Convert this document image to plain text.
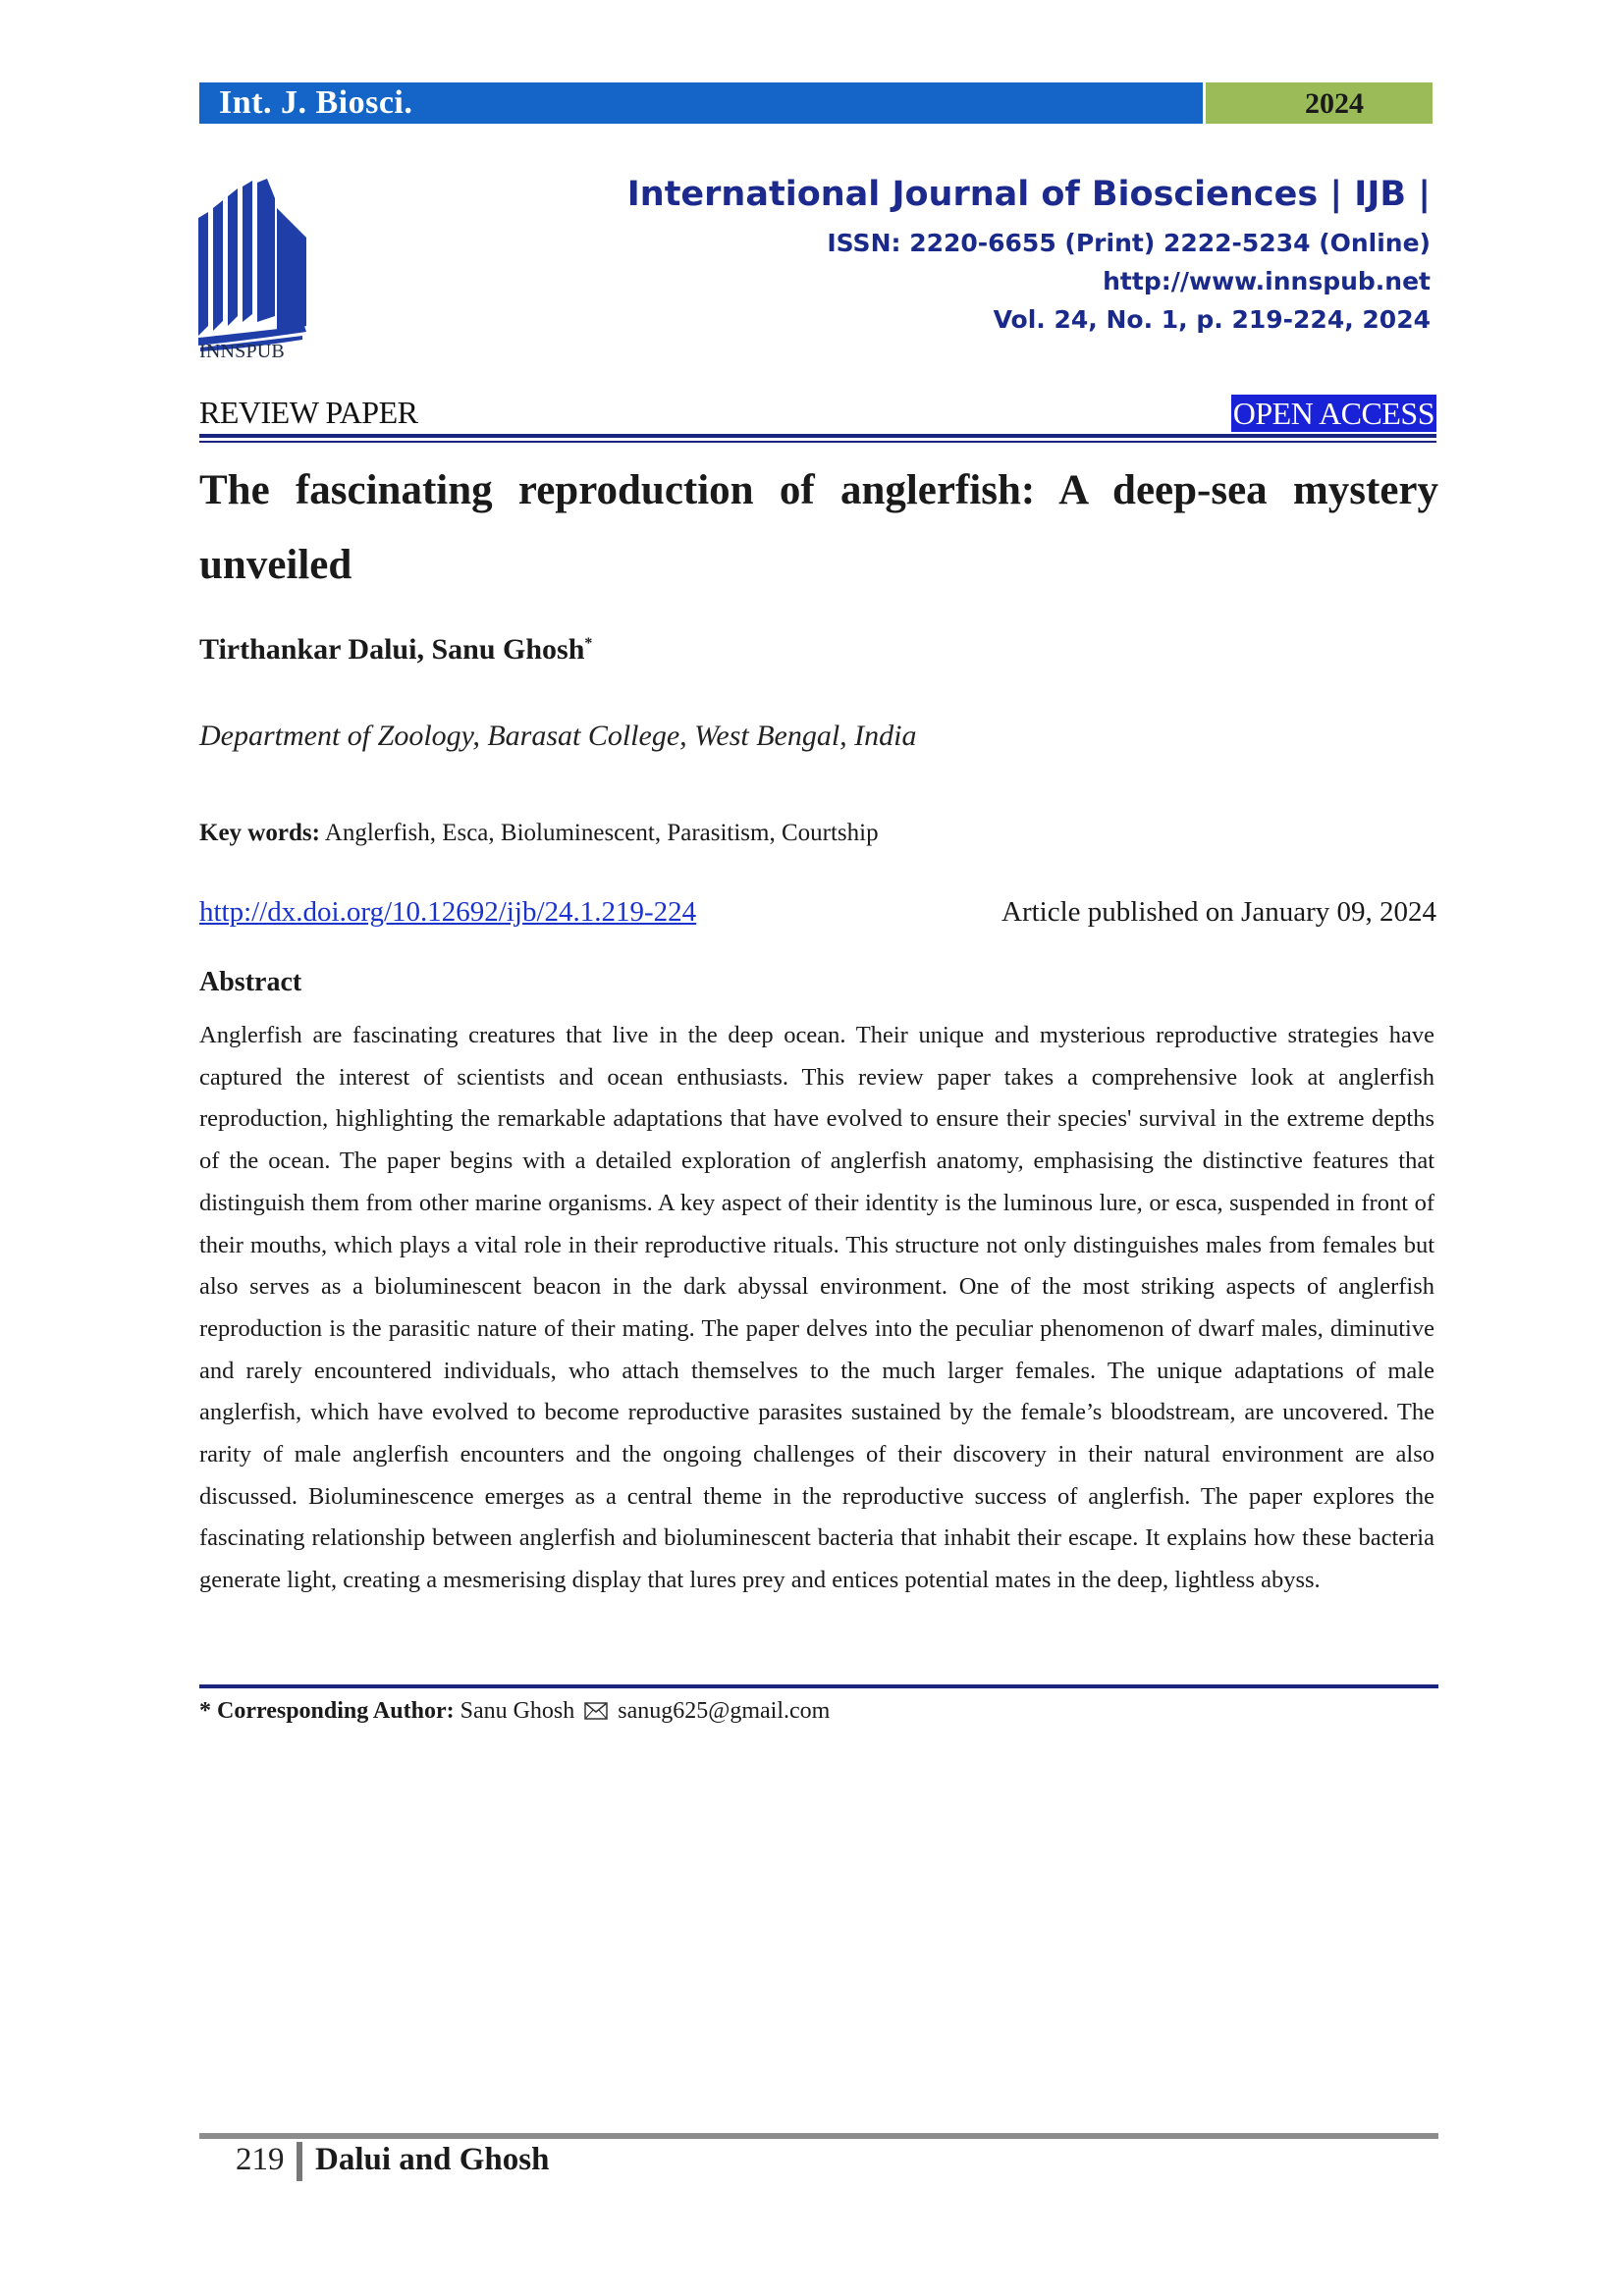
Int. J. Biosci.	2024
INNSPUB
International Journal of Biosciences | IJB |
ISSN: 2220-6655 (Print) 2222-5234 (Online)
http://www.innspub.net
Vol. 24, No. 1, p. 219-224, 2024
REVIEW PAPER	OPEN ACCESS
The fascinating reproduction of anglerfish: A deep-sea mystery unveiled
Tirthankar Dalui, Sanu Ghosh*
Department of Zoology, Barasat College, West Bengal, India
Key words: Anglerfish, Esca, Bioluminescent, Parasitism, Courtship
http://dx.doi.org/10.12692/ijb/24.1.219-224	Article published on January 09, 2024
Abstract
Anglerfish are fascinating creatures that live in the deep ocean. Their unique and mysterious reproductive strategies have captured the interest of scientists and ocean enthusiasts. This review paper takes a comprehensive look at anglerfish reproduction, highlighting the remarkable adaptations that have evolved to ensure their species' survival in the extreme depths of the ocean. The paper begins with a detailed exploration of anglerfish anatomy, emphasising the distinctive features that distinguish them from other marine organisms. A key aspect of their identity is the luminous lure, or esca, suspended in front of their mouths, which plays a vital role in their reproductive rituals. This structure not only distinguishes males from females but also serves as a bioluminescent beacon in the dark abyssal environment. One of the most striking aspects of anglerfish reproduction is the parasitic nature of their mating. The paper delves into the peculiar phenomenon of dwarf males, diminutive and rarely encountered individuals, who attach themselves to the much larger females. The unique adaptations of male anglerfish, which have evolved to become reproductive parasites sustained by the female’s bloodstream, are uncovered. The rarity of male anglerfish encounters and the ongoing challenges of their discovery in their natural environment are also discussed. Bioluminescence emerges as a central theme in the reproductive success of anglerfish. The paper explores the fascinating relationship between anglerfish and bioluminescent bacteria that inhabit their escape. It explains how these bacteria generate light, creating a mesmerising display that lures prey and entices potential mates in the deep, lightless abyss.
* Corresponding Author: Sanu Ghosh sanug625@gmail.com
219 Dalui and Ghosh
